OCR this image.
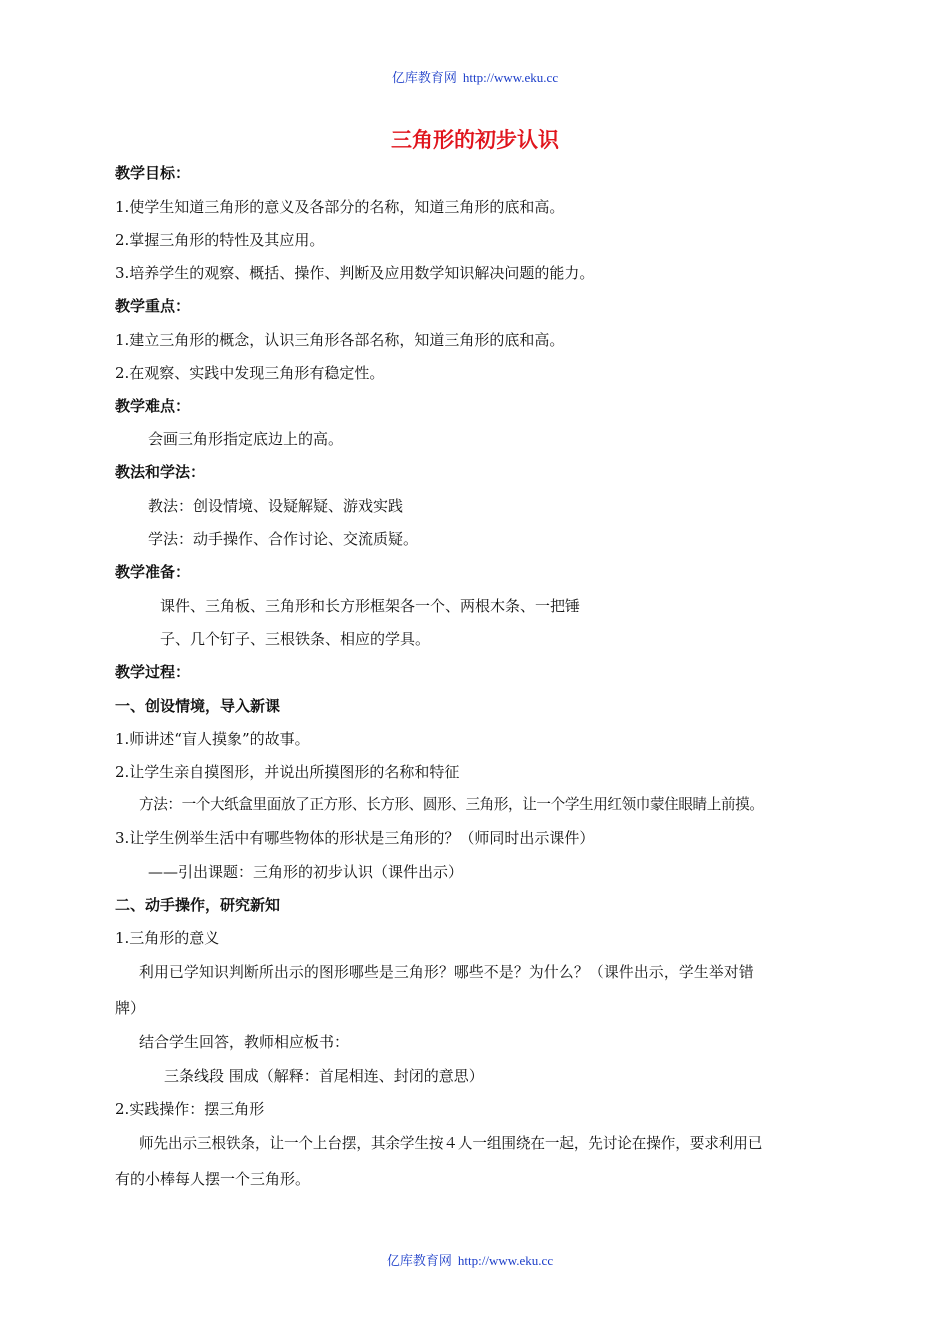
亿库教育网 http://www.eku.cc
三角形的初步认识
教学目标：
1.使学生知道三角形的意义及各部分的名称，知道三角形的底和高。
2.掌握三角形的特性及其应用。
3.培养学生的观察、概括、操作、判断及应用数学知识解决问题的能力。
教学重点：
1.建立三角形的概念，认识三角形各部名称，知道三角形的底和高。
2.在观察、实践中发现三角形有稳定性。
教学难点：
会画三角形指定底边上的高。
教法和学法：
教法：创设情境、设疑解疑、游戏实践
学法：动手操作、合作讨论、交流质疑。
教学准备：
课件、三角板、三角形和长方形框架各一个、两根木条、一把锤
子、几个钉子、三根铁条、相应的学具。
教学过程：
一、创设情境，导入新课
1.师讲述“盲人摸象”的故事。
2.让学生亲自摸图形，并说出所摸图形的名称和特征
方法：一个大纸盒里面放了正方形、长方形、圆形、三角形，让一个学生用红领巾蒙住眼睛上前摸。
3.让学生例举生活中有哪些物体的形状是三角形的？（师同时出示课件）
——引出课题：三角形的初步认识（课件出示）
二、动手操作，研究新知
1.三角形的意义
利用已学知识判断所出示的图形哪些是三角形？哪些不是？为什么？（课件出示，学生举对错
牌）
结合学生回答，教师相应板书：
三条线段 围成（解释：首尾相连、封闭的意思）
2.实践操作：摆三角形
师先出示三根铁条，让一个上台摆，其余学生按４人一组围绕在一起，先讨论在操作，要求利用已
有的小棒每人摆一个三角形。
亿库教育网 http://www.eku.cc
